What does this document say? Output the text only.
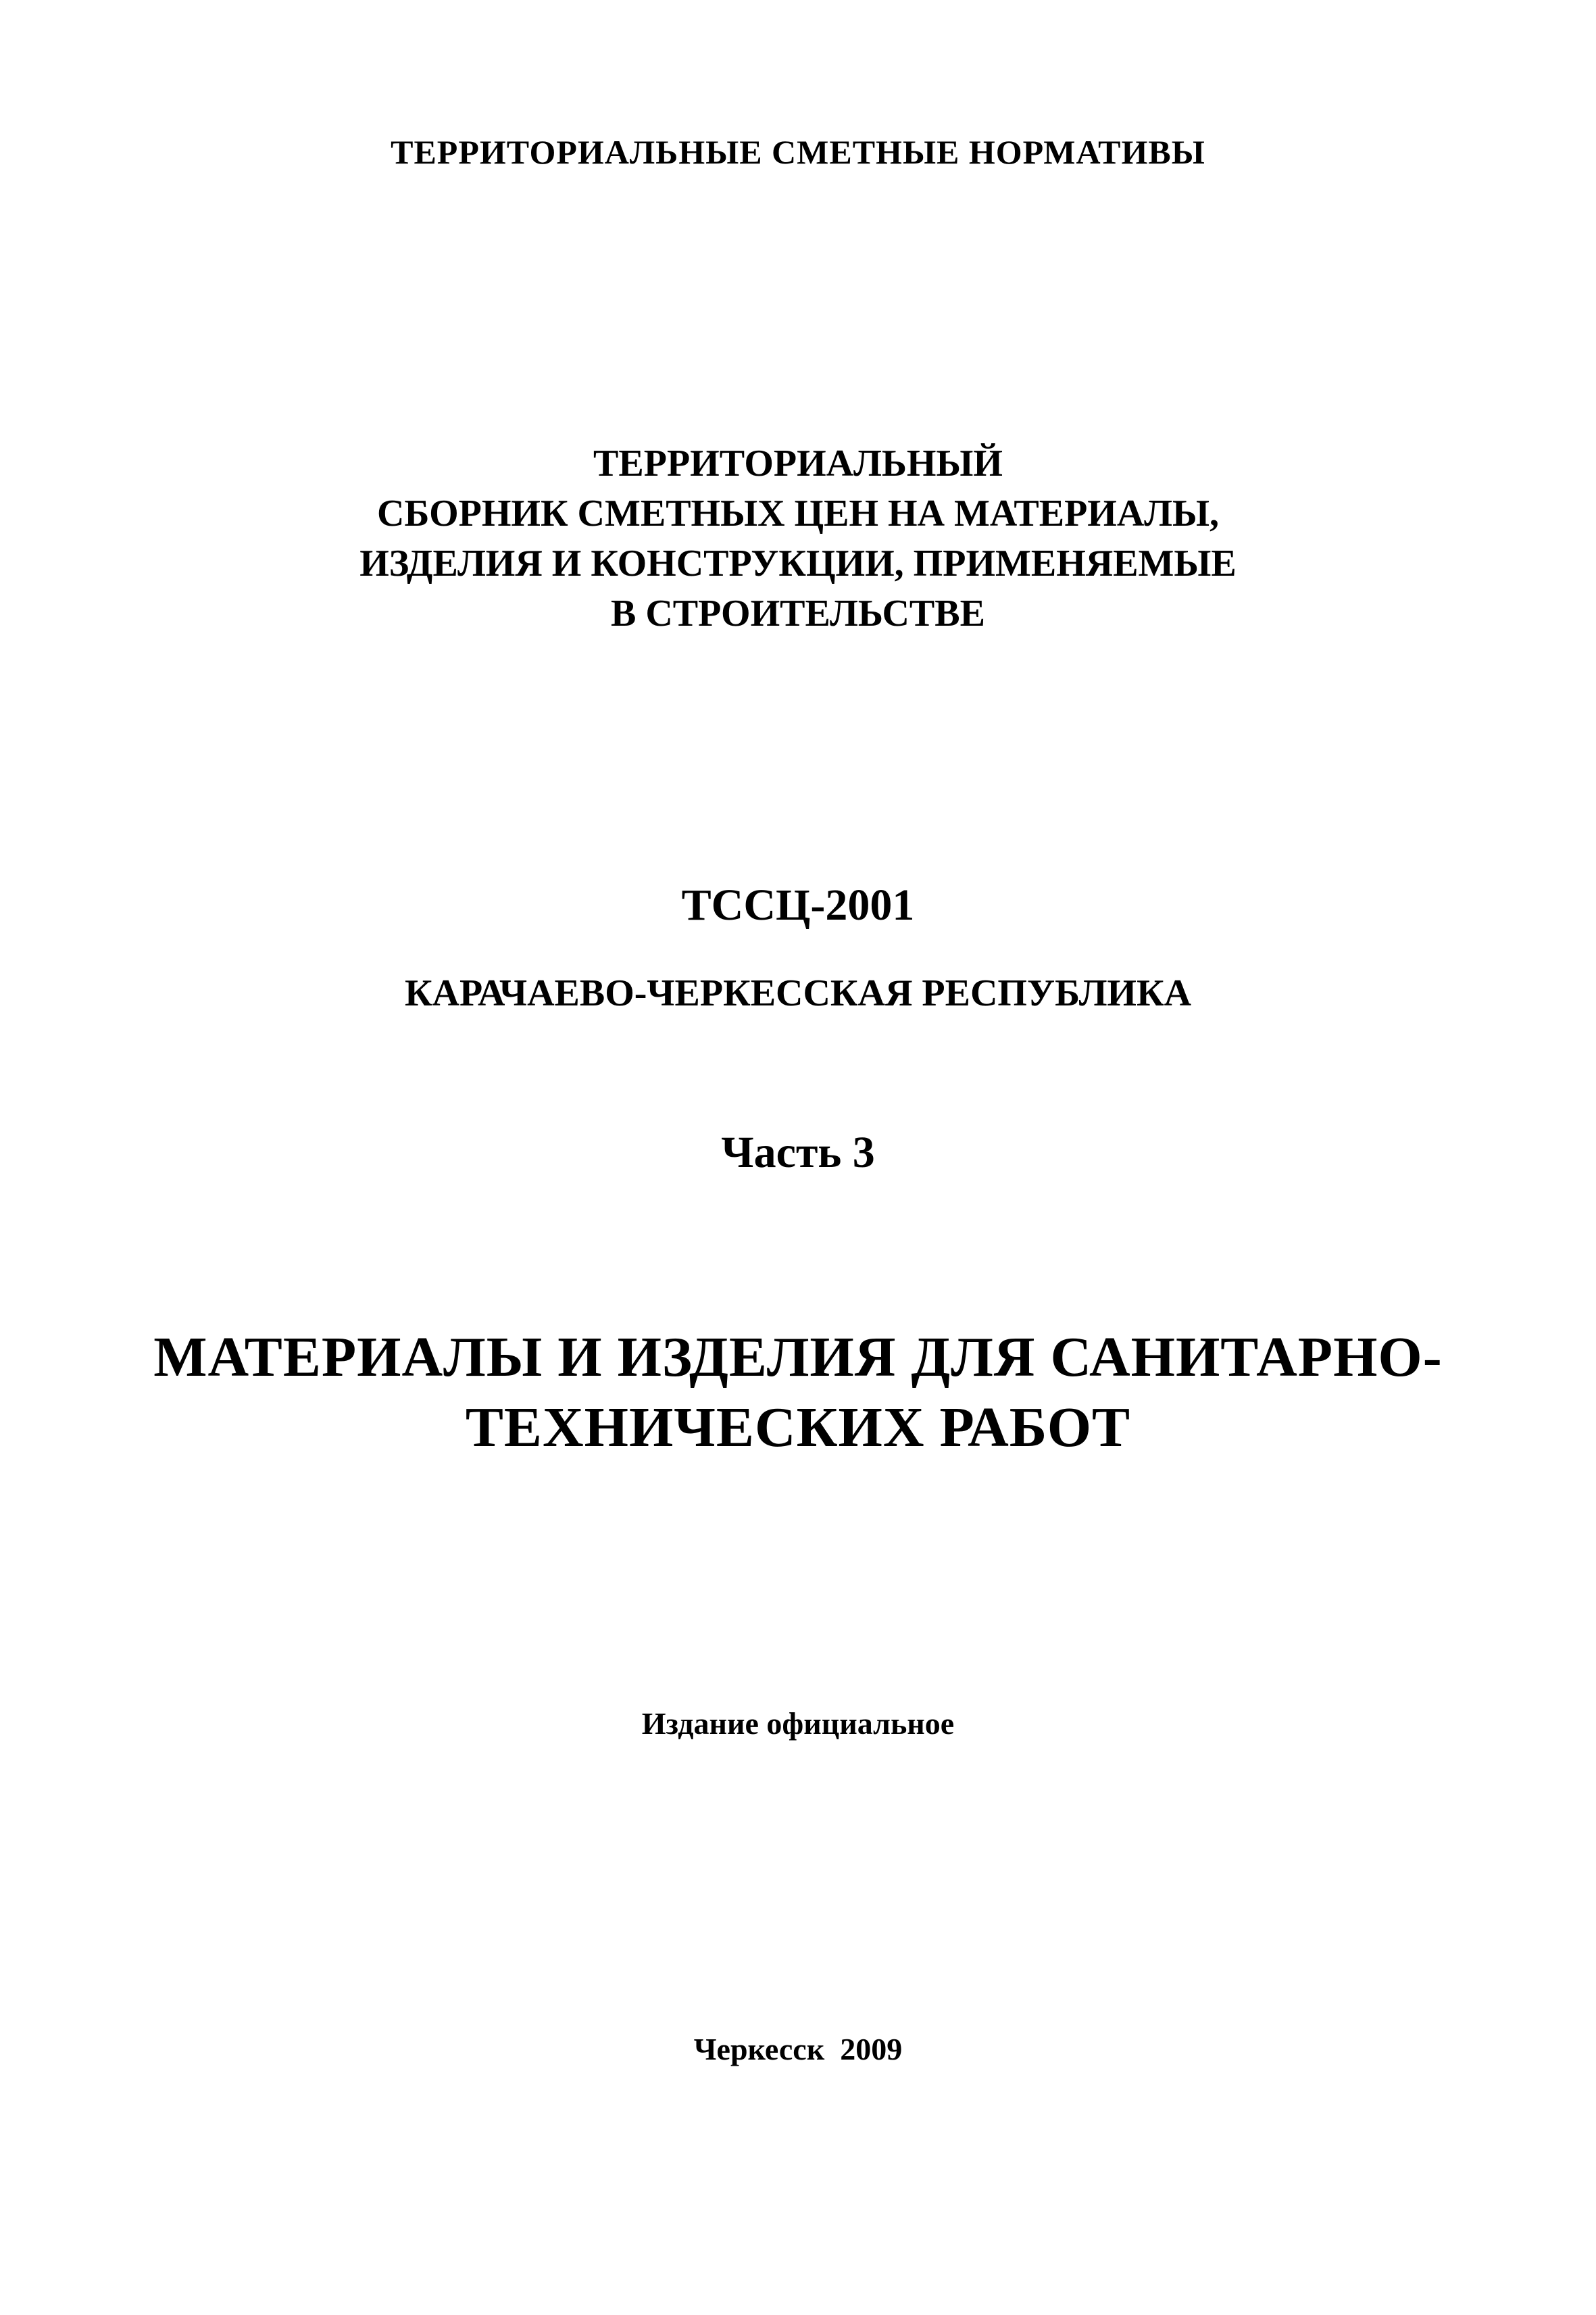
ТЕРРИТОРИАЛЬНЫЕ СМЕТНЫЕ НОРМАТИВЫ

ТЕРРИТОРИАЛЬНЫЙ

СБОРНИК СМЕТНЫХ ЦЕН НА МАТЕРИАЛЫ,

ИЗДЕЛИЯ И КОНСТРУКЦИИ, ПРИМЕНЯЕМЫЕ

В СТРОИТЕЛЬСТВЕ

ТССЦ-2001

КАРАЧАЕВО-ЧЕРКЕССКАЯ РЕСПУБЛИКА

Часть 3

МАТЕРИАЛЫ И ИЗДЕЛИЯ ДЛЯ САНИТАРНО-

ТЕХНИЧЕСКИХ РАБОТ

Издание официальное

Черкесск  2009
